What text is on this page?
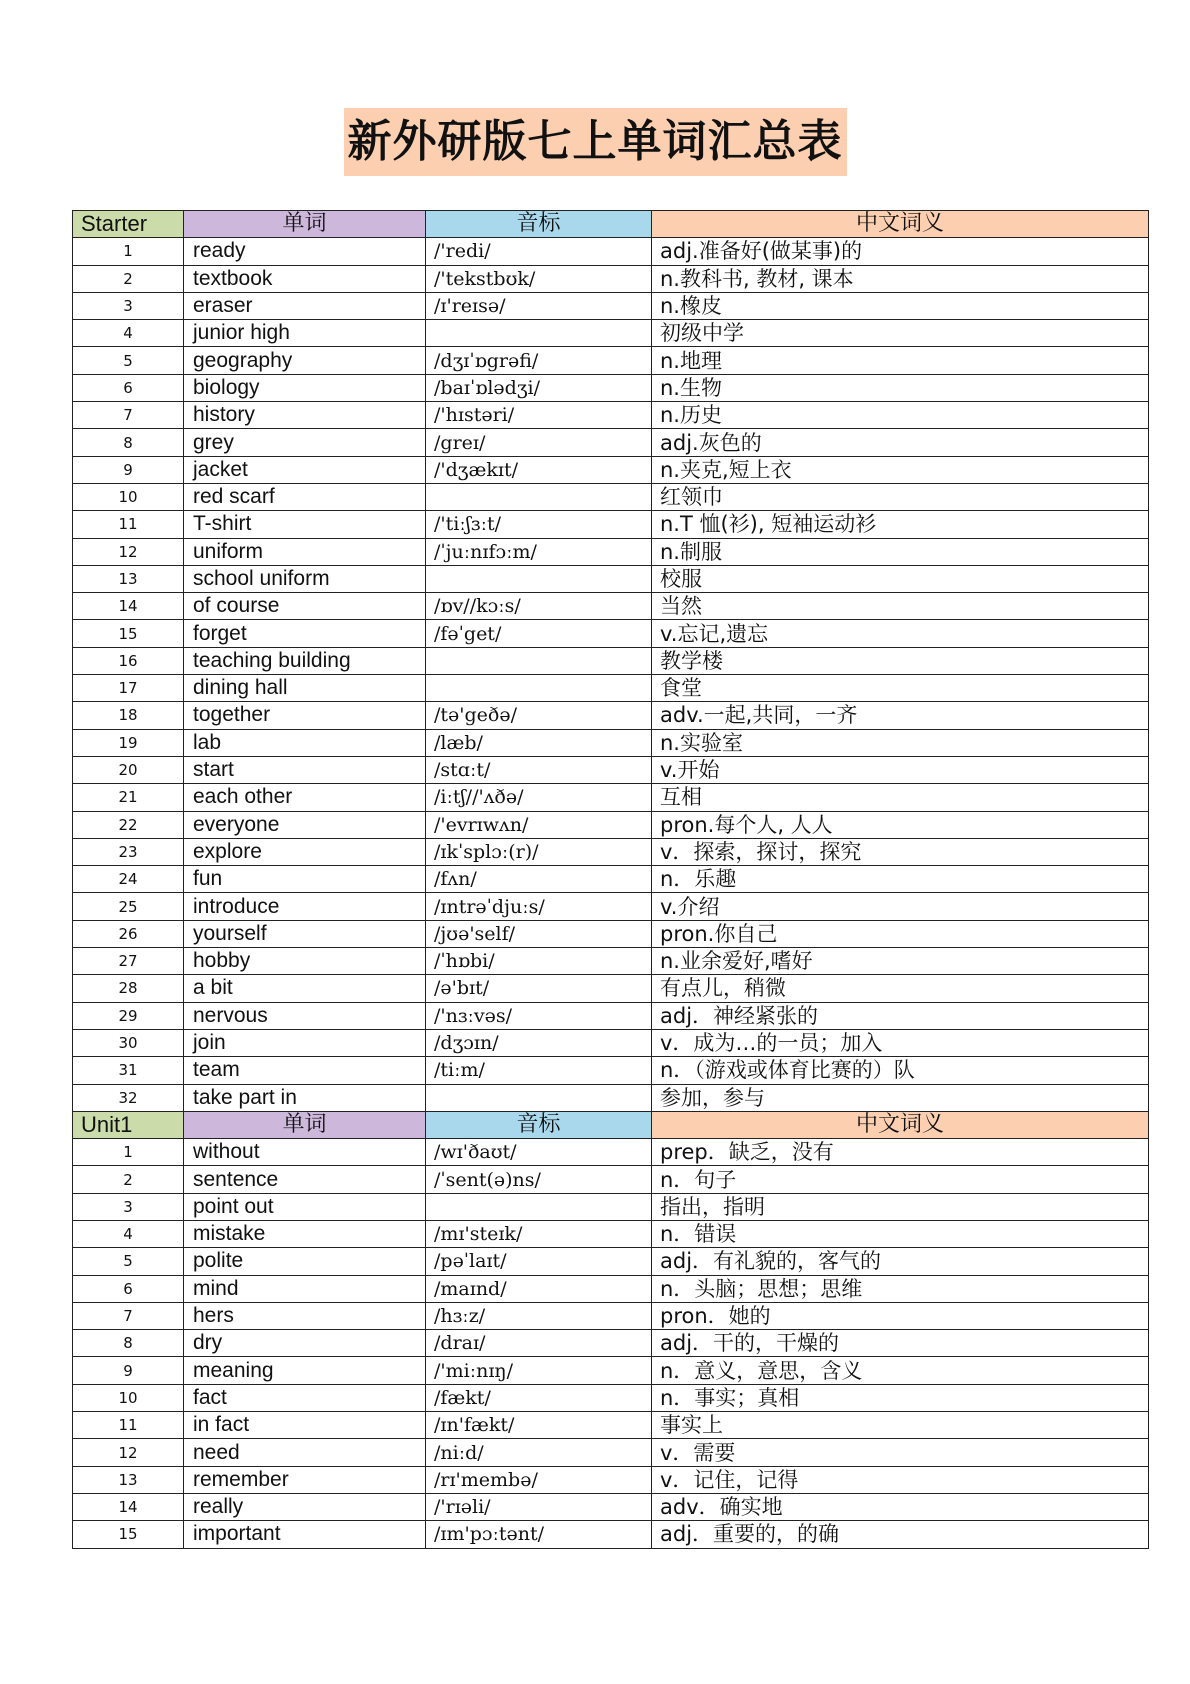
新外研版七上单词汇总表
Starter	单词	音标	中文词义
1	ready	/'redi/	adj.准备好(做某事)的
2	textbook	/'tekstbʊk/	n.教科书, 教材, 课本
3	eraser	/ɪ'reɪsə/	n.橡皮
4	junior high		初级中学
5	geography	/dʒɪˈɒgrəfi/	n.地理
6	biology	/baɪˈɒlədʒi/	n.生物
7	history	/'hɪstəri/	n.历史
8	grey	/greɪ/	adj.灰色的
9	jacket	/'dʒækɪt/	n.夹克,短上衣
10	red scarf		红领巾
11	T-shirt	/'tiːʃɜːt/	n.T 恤(衫), 短袖运动衫
12	uniform	/ˈjuːnɪfɔːm/	n.制服
13	school uniform		校服
14	of course	/ɒv//kɔːs/	当然
15	forget	/fəˈget/	v.忘记,遗忘
16	teaching building		教学楼
17	dining hall		食堂
18	together	/tə'geðə/	adv.一起,共同，一齐
19	lab	/læb/	n.实验室
20	start	/stɑːt/	v.开始
21	each other	/iːtʃ//'ʌðə/	互相
22	everyone	/'evrɪwʌn/	pron.每个人, 人人
23	explore	/ɪkˈsplɔː(r)/	v．探索，探讨，探究
24	fun	/fʌn/	n．乐趣
25	introduce	/ɪntrəˈdjuːs/	v.介绍
26	yourself	/jʊə'self/	pron.你自己
27	hobby	/ˈhɒbi/	n.业余爱好,嗜好
28	a bit	/ə'bɪt/	有点儿，稍微
29	nervous	/'nɜːvəs/	adj．神经紧张的
30	join	/dʒɔɪn/	v．成为…的一员；加入
31	team	/tiːm/	n．（游戏或体育比赛的）队
32	take part in		参加，参与
Unit1	单词	音标	中文词义
1	without	/wɪ'ðaʊt/	prep．缺乏，没有
2	sentence	/ˈsent(ə)ns/	n．句子
3	point out		指出，指明
4	mistake	/mɪ'steɪk/	n．错误
5	polite	/pəˈlaɪt/	adj．有礼貌的，客气的
6	mind	/maɪnd/	n．头脑；思想；思维
7	hers	/hɜːz/	pron．她的
8	dry	/draɪ/	adj．干的，干燥的
9	meaning	/'miːnɪŋ/	n．意义，意思，含义
10	fact	/fækt/	n．事实；真相
11	in fact	/ɪn'fækt/	事实上
12	need	/niːd/	v．需要
13	remember	/rɪ'membə/	v．记住，记得
14	really	/'rɪəli/	adv．确实地
15	important	/ɪm'pɔːtənt/	adj．重要的，的确
